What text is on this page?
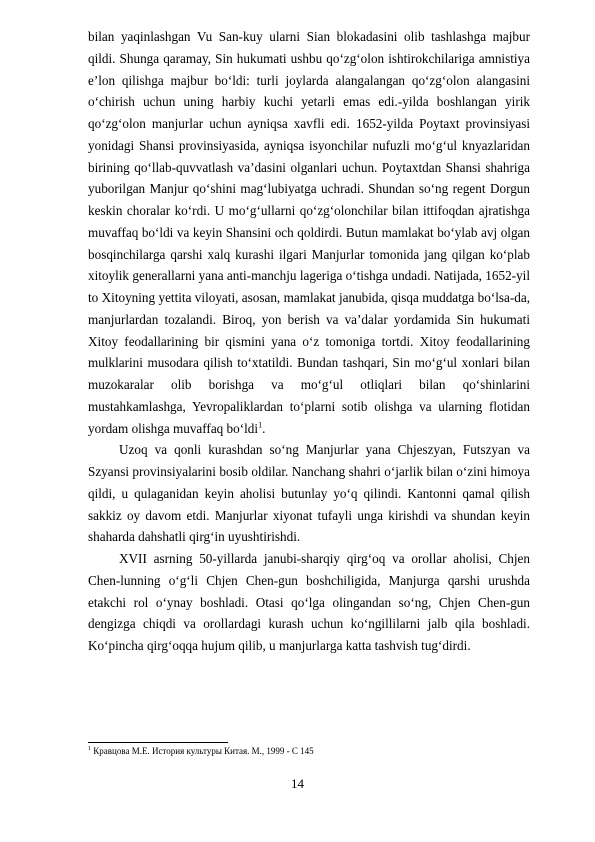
bilan yaqinlashgan Vu San-kuy ularni Sian blokadasini olib tashlashga majbur qildi. Shunga qaramay, Sin hukumati ushbu qo‘zg‘olon ishtirokchilariga amnistiya e’lon qilishga majbur bo‘ldi: turli joylarda alangalangan qo‘zg‘olon alangasini o‘chirish uchun uning harbiy kuchi yetarli emas edi.-yilda boshlangan yirik qo‘zg‘olon manjurlar uchun ayniqsa xavfli edi. 1652-yilda Poytaxt provinsiyasi yonidagi Shansi provinsiyasida, ayniqsa isyonchilar nufuzli mo‘g‘ul knyazlaridan birining qo‘llab-quvvatlash va’dasini olganlari uchun. Poytaxtdan Shansi shahriga yuborilgan Manjur qo‘shini mag‘lubiyatga uchradi. Shundan so‘ng regent Dorgun keskin choralar ko‘rdi. U mo‘g‘ullarni qo‘zg‘olonchilar bilan ittifoqdan ajratishga muvaffaq bo‘ldi va keyin Shansini och qoldirdi. Butun mamlakat bo‘ylab avj olgan bosqinchilarga qarshi xalq kurashi ilgari Manjurlar tomonida jang qilgan ko‘plab xitoylik generallarni yana anti-manchju lageriga o‘tishga undadi. Natijada, 1652-yil to Xitoyning yettita viloyati, asosan, mamlakat janubida, qisqa muddatga bo‘lsa-da, manjurlardan tozalandi. Biroq, yon berish va va’dalar yordamida Sin hukumati Xitoy feodallarining bir qismini yana o‘z tomoniga tortdi. Xitoy feodallarining mulklarini musodara qilish to‘xtatildi. Bundan tashqari, Sin mo‘g‘ul xonlari bilan muzokaralar olib borishga va mo‘g‘ul otliqlari bilan qo‘shinlarini mustahkamlashga, Yevropaliklardan to‘plarni sotib olishga va ularning flotidan yordam olishga muvaffaq bo‘ldi$^1$.

Uzoq va qonli kurashdan so‘ng Manjurlar yana Chjeszyan, Futszyan va Szyansi provinsiyalarini bosib oldilar. Nanchang shahri o‘jarlik bilan o‘zini himoya qildi, u qulaganidan keyin aholisi butunlay yo‘q qilindi. Kantonni qamal qilish sakkiz oy davom etdi. Manjurlar xiyonat tufayli unga kirishdi va shundan keyin shaharda dahshatli qirg‘in uyushtirishdi.

XVII asrning 50-yillarda janubi-sharqiy qirg‘oq va orollar aholisi, Chjen Chen-lunning o‘g‘li Chjen Chen-gun boshchiligida, Manjurga qarshi urushda etakchi rol o‘ynay boshladi. Otasi qo‘lga olingandan so‘ng, Chjen Chen-gun dengizga chiqdi va orollardagi kurash uchun ko‘ngillilarni jalb qila boshladi. Ko‘pincha qirg‘oqqa hujum qilib, u manjurlarga katta tashvish tug‘dirdi.

$^1$ Кравцова М.Е. История культуры Китая. М., 1999 - С 145
14
